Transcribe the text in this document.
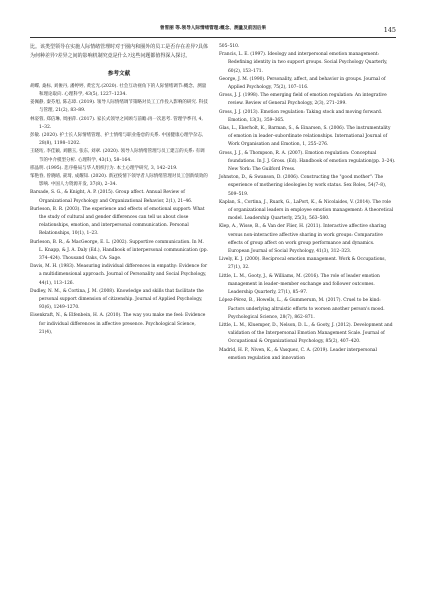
曾雪丽 等.领导人际情绪管理:概念、测量及前因后果	145

比。该类型领导在实施人际情绪管理时对于圈内和圈外的员工是否存在差异?具体为何种差异?差异之间的影响机制究竟是什么?这些问题都值得深入探讨。

参考文献

胡蝶, 桑标, 刘俊丹, 潘婷婷, 黄宏光.(2020). 社会互动视角下的人际情绪调节:概念、测量和理论取向. 心理科学, 43(5), 1227–1234.

姜佩静, 秦芬旭, 陈志璋. (2019). 领导人际情绪调节策略对员工工作投入影响的研究. 科技与管理, 21(2), 83–89.

林姿蓉, 郑信琳, 周丽萍. (2017). 家长式领导之回顾与前瞻:再一次思考. 管理学季刊, 4, 1–32.

彭敏. (2020). 护士长人际情绪管理、护士情绪与职业倦怠的关系. 中国健康心理学杂志, 28(8), 1198–1202.

王晓珩, 李佳颖, 刘鹏玉, 张东, 刘翠. (2020). 领导人际情绪管理与员工建言的关系: 有调节的中介模型分析. 心理科学, 43(1), 58–164.

邢晶明. (1995). 悲序格局与华人组织行为. 本土心理学研究, 3, 142–219.

邹艳春, 曾晓晴, 聂琦, 成耀知. (2020). 新冠疫情下领导者人际情绪管理对员工创新绩效的影响. 中国人力资源开发, 37(8), 2–34.

Barsade, S. G., & Knight, A. P. (2015). Group affect. Annual Review of Organizational Psychology and Organizational Behavior, 2(1), 21–46.

Burleson, B. R. (2003). The experience and effects of emotional support: What the study of cultural and gender differences can tell us about close relationships, emotion, and interpersonal communication. Personal Relationships, 10(1), 1–23.

Burleson, B. R., & MacGeorge, E. L. (2002). Supportive communication. In M. L. Knapp, & J. A. Daly (Ed.), Handbook of interpersonal communication (pp. 374–424). Thousand Oaks, CA: Sage.

Davis, M. H. (1983). Measuring individual differences in empathy: Evidence for a multidimensional approach. Journal of Personality and Social Psychology, 44(1), 113–126.

Dudley, N. M., & Cortina, J. M. (2008). Knowledge and skills that facilitate the personal support dimension of citizenship. Journal of Applied Psychology, 93(6), 1249–1270.

Eisenkraft, N., & Elfenbein, H. A. (2010). The way you make me feel: Evidence for individual differences in affective presence. Psychological Science, 21(4),

505–510.

Francis, L. E. (1997). Ideology and interpersonal emotion management: Redefining identity in two support groups. Social Psychology Quarterly, 60(2), 153–171.

George, J. M. (1990). Personality, affect, and behavior in groups. Journal of Applied Psychology, 75(2), 107–116.

Gross, J. J. (1998). The emerging field of emotion regulation: An integrative review. Review of General Psychology, 2(3), 271–299.

Gross, J. J. (2013). Emotion regulation: Taking stock and moving forward. Emotion, 13(3), 359–365.

Glas, L., Ekerholt, K., Barman, S., & Einarsen, S. (2006). The instrumentality of emotion in leader–subordinate relationships. International Journal of Work Organisation and Emotion, 1, 255–276.

Gross, J. J., & Thompson, R. A. (2007). Emotion regulation: Conceptual foundations. In J. J. Gross. (Ed). Handbook of emotion regulation(pp. 3–24). New York: The Guilford Press.

Johnston, D., & Swanson, D. (2006). Constructing the "good mother": The experience of mothering ideologies by work status. Sex Roles, 54(7–8), 509–519.

Kaplan, S., Cortina, J., Ruark, G., LaPort, K., & Nicolaides, V. (2014). The role of organizational leaders in employee emotion management: A theoretical model. Leadership Quarterly, 25(3), 563–580.

Klep, A., Wisse, B., & Van der Flier, H. (2011). Interactive affective sharing versus non-interactive affective sharing in work groups: Comparative effects of group affect on work group performance and dynamics. European Journal of Social Psychology, 41(3), 312–323.

Lively, K. J. (2000). Reciprocal emotion management. Work & Occupations, 27(1), 32.

Little, L. M., Gooty, J., & Williams, M. (2016). The role of leader emotion management in leader–member exchange and follower outcomes. Leadership Quarterly, 27(1), 85–97.

López-Pérez, B., Howells, L., & Gummerum, M. (2017). Cruel to be kind: Factors underlying altruistic efforts to worsen another person's mood. Psychological Science, 28(7), 862–871.

Little, L. M., Kluemper, D., Nelson, D. L., & Gooty, J. (2012). Development and validation of the Interpersonal Emotion Management Scale. Journal of Occupational & Organizational Psychology, 85(2), 407–420.

Madrid, H. P., Niven, K., & Vasquez, C. A. (2019). Leader interpersonal emotion regulation and innovation
